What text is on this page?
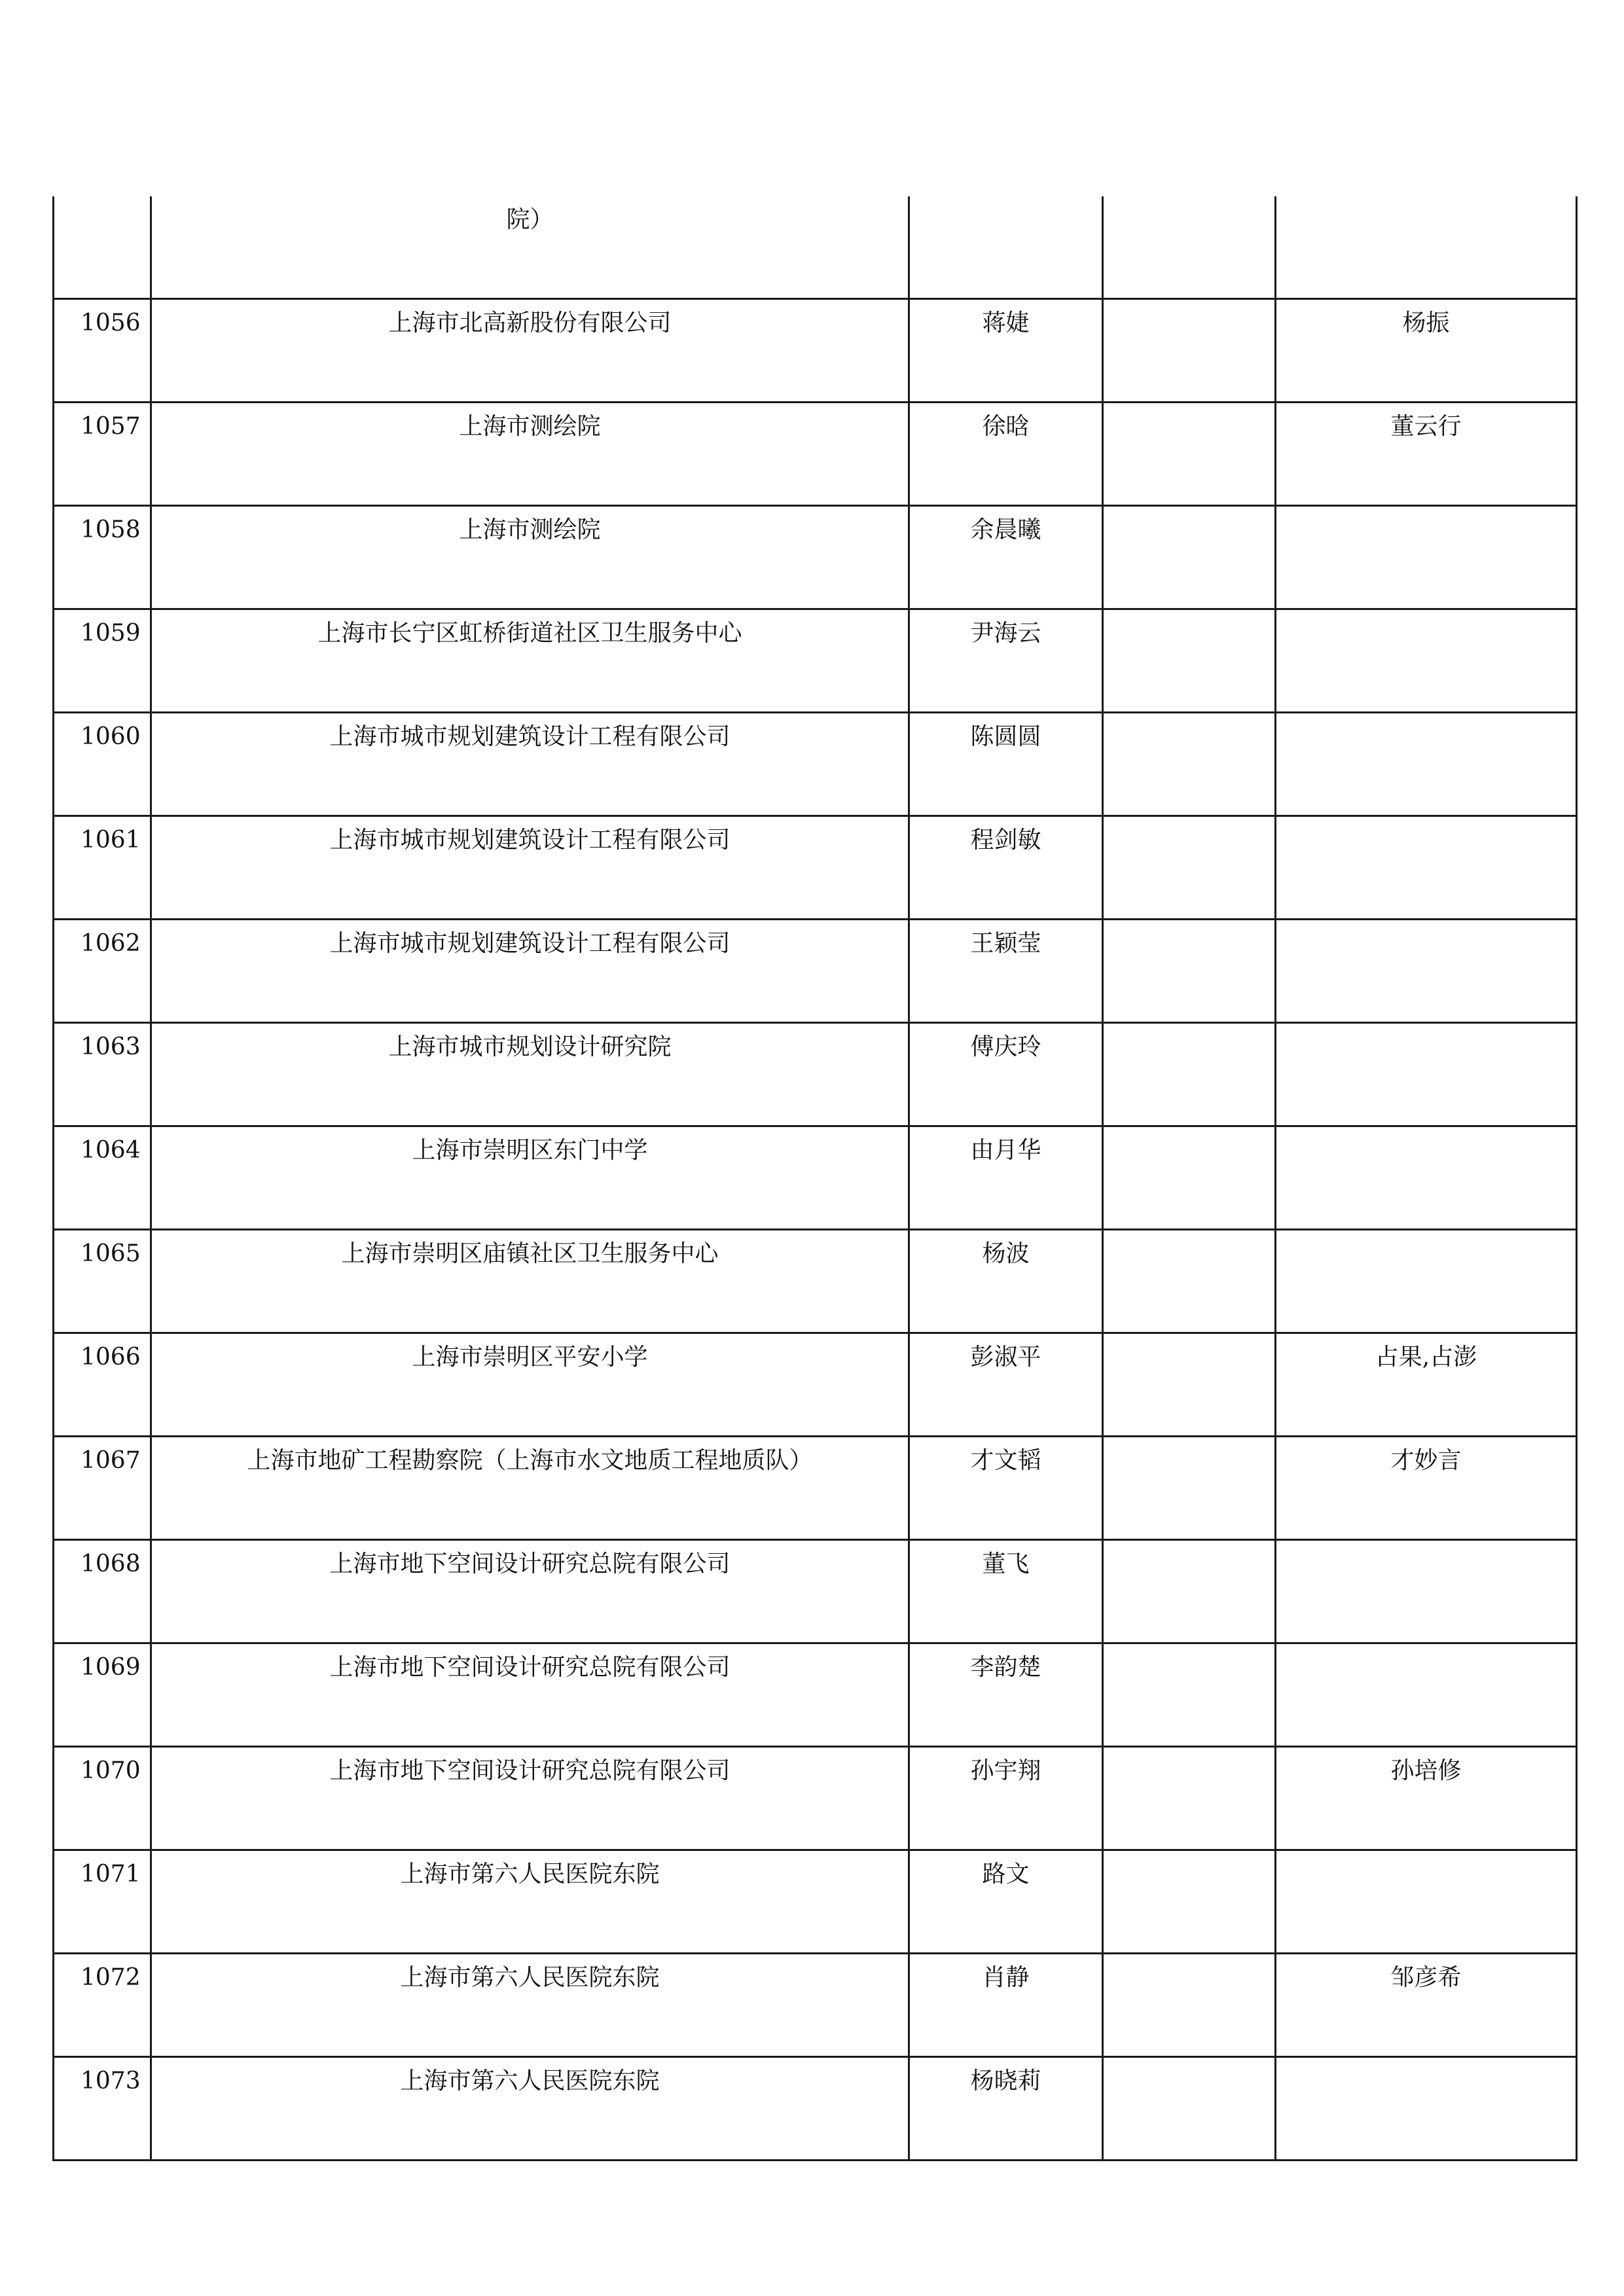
	院）			
1056	上海市北高新股份有限公司	蒋婕		杨振
1057	上海市测绘院	徐晗		董云行
1058	上海市测绘院	余晨曦		
1059	上海市长宁区虹桥街道社区卫生服务中心	尹海云		
1060	上海市城市规划建筑设计工程有限公司	陈圆圆		
1061	上海市城市规划建筑设计工程有限公司	程剑敏		
1062	上海市城市规划建筑设计工程有限公司	王颖莹		
1063	上海市城市规划设计研究院	傅庆玲		
1064	上海市崇明区东门中学	由月华		
1065	上海市崇明区庙镇社区卫生服务中心	杨波		
1066	上海市崇明区平安小学	彭淑平		占果,占澎
1067	上海市地矿工程勘察院（上海市水文地质工程地质队）	才文韬		才妙言
1068	上海市地下空间设计研究总院有限公司	董飞		
1069	上海市地下空间设计研究总院有限公司	李韵楚		
1070	上海市地下空间设计研究总院有限公司	孙宇翔		孙培修
1071	上海市第六人民医院东院	路文		
1072	上海市第六人民医院东院	肖静		邹彦希
1073	上海市第六人民医院东院	杨晓莉		
